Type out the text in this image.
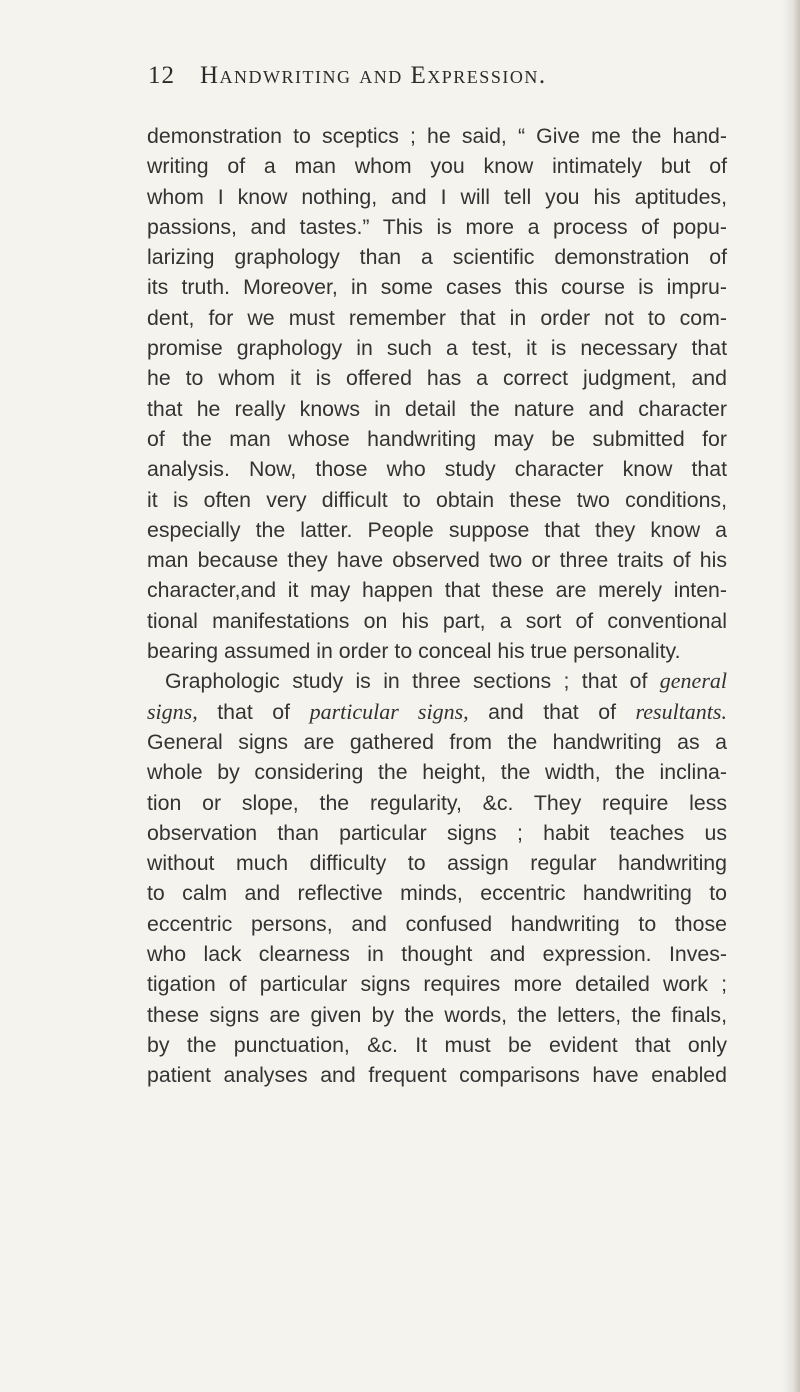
12 Handwriting and Expression.
demonstration to sceptics ; he said, “ Give me the hand-
writing of a man whom you know intimately but of
whom I know nothing, and I will tell you his aptitudes,
passions, and tastes.” This is more a process of popu-
larizing graphology than a scientific demonstration of
its truth. Moreover, in some cases this course is impru-
dent, for we must remember that in order not to com-
promise graphology in such a test, it is necessary that
he to whom it is offered has a correct judgment, and
that he really knows in detail the nature and character
of the man whose handwriting may be submitted for
analysis. Now, those who study character know that
it is often very difficult to obtain these two conditions,
especially the latter. People suppose that they know a
man because they have observed two or three traits of his
character,and it may happen that these are merely inten-
tional manifestations on his part, a sort of conventional
bearing assumed in order to conceal his true personality.
Graphologic study is in three sections ; that of general
signs, that of particular signs, and that of resultants.
General signs are gathered from the handwriting as a
whole by considering the height, the width, the inclina-
tion or slope, the regularity, &c. They require less
observation than particular signs ; habit teaches us
without much difficulty to assign regular handwriting
to calm and reflective minds, eccentric handwriting to
eccentric persons, and confused handwriting to those
who lack clearness in thought and expression. Inves-
tigation of particular signs requires more detailed work ;
these signs are given by the words, the letters, the finals,
by the punctuation, &c. It must be evident that only
patient analyses and frequent comparisons have enabled
